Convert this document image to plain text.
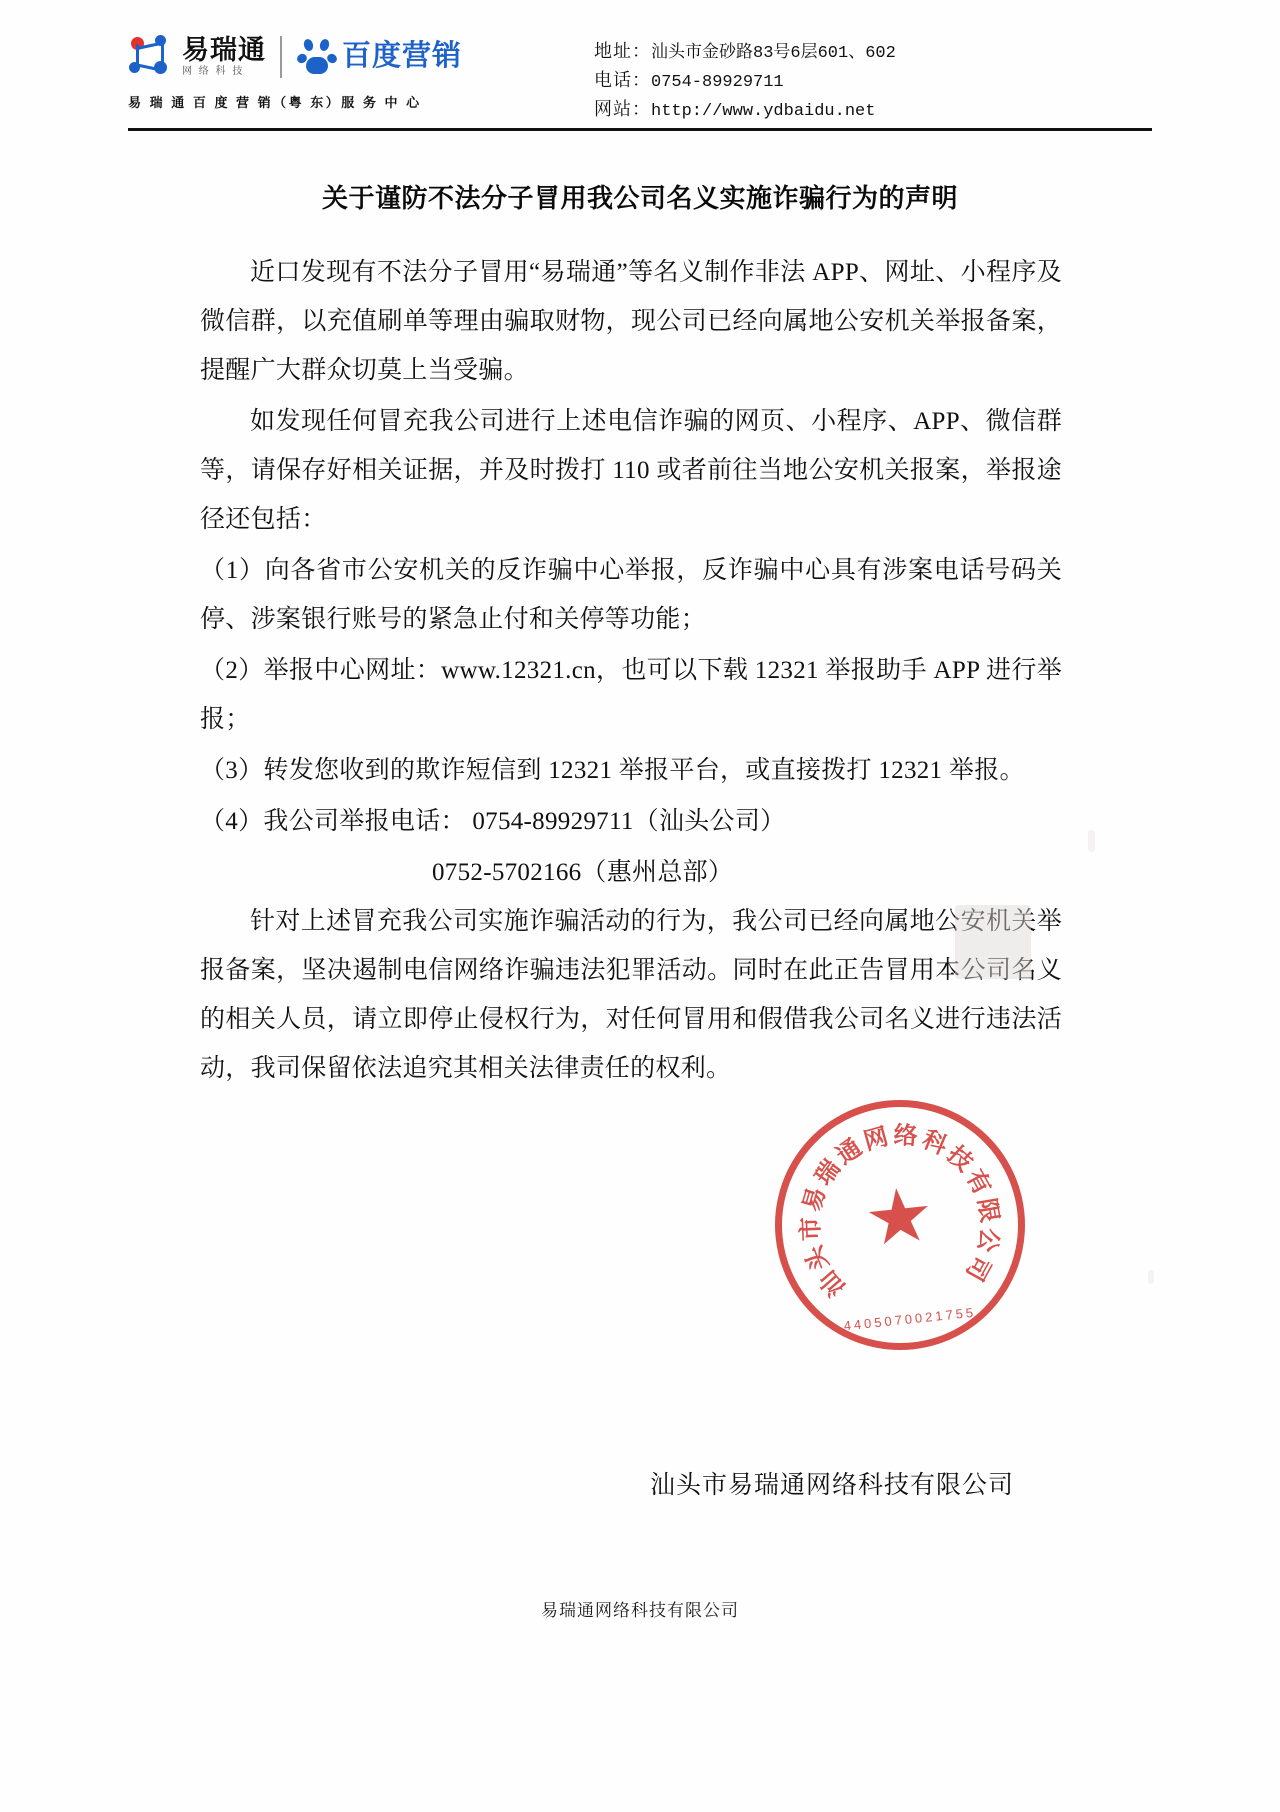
易瑞通
网 络 科 技	百度营销
易 瑞 通 百 度 营 销（粤 东）服 务 中 心
地址：汕头市金砂路83号6层601、602
电话：0754-89929711
网站：http://www.ydbaidu.net
关于谨防不法分子冒用我公司名义实施诈骗行为的声明

近口发现有不法分子冒用“易瑞通”等名义制作非法 APP、网址、小程序及微信群，以充值刷单等理由骗取财物，现公司已经向属地公安机关举报备案，提醒广大群众切莫上当受骗。

如发现任何冒充我公司进行上述电信诈骗的网页、小程序、APP、微信群等，请保存好相关证据，并及时拨打 110 或者前往当地公安机关报案，举报途径还包括：

（1）向各省市公安机关的反诈骗中心举报，反诈骗中心具有涉案电话号码关停、涉案银行账号的紧急止付和关停等功能；

（2）举报中心网址：www.12321.cn，也可以下载 12321 举报助手 APP 进行举报；

（3）转发您收到的欺诈短信到 12321 举报平台，或直接拨打 12321 举报。

（4）我公司举报电话： 0754-89929711（汕头公司）

0752-5702166（惠州总部）

针对上述冒充我公司实施诈骗活动的行为，我公司已经向属地公安机关举报备案，坚决遏制电信网络诈骗违法犯罪活动。同时在此正告冒用本公司名义的相关人员，请立即停止侵权行为，对任何冒用和假借我公司名义进行违法活动，我司保留依法追究其相关法律责任的权利。

汕
头
市
易
瑞
通
网 络 科
技
有
限
公
司
4405070021755
汕头市易瑞通网络科技有限公司
易瑞通网络科技有限公司
